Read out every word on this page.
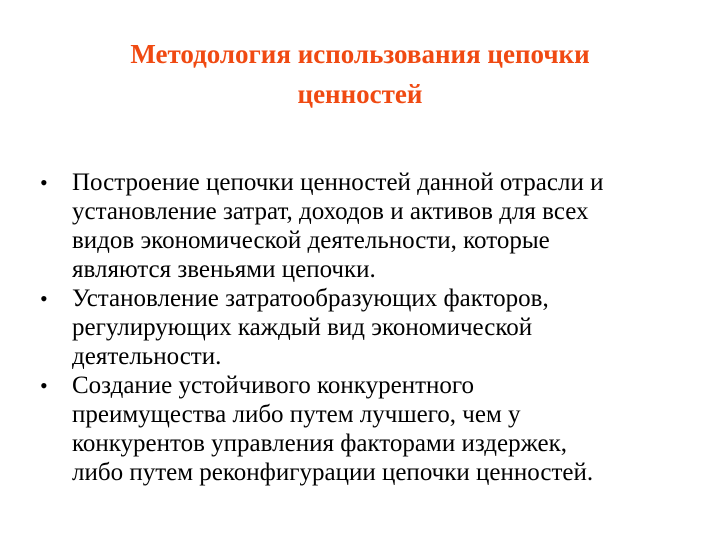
Методология использования цепочки
ценностей
• Построение цепочки ценностей данной отрасли и
установление затрат, доходов и активов для всех
видов экономической деятельности, которые
являются звеньями цепочки.
• Установление затратообразующих факторов,
регулирующих каждый вид экономической
деятельности.
• Создание устойчивого конкурентного
преимущества либо путем лучшего, чем у
конкурентов управления факторами издержек,
либо путем реконфигурации цепочки ценностей.
